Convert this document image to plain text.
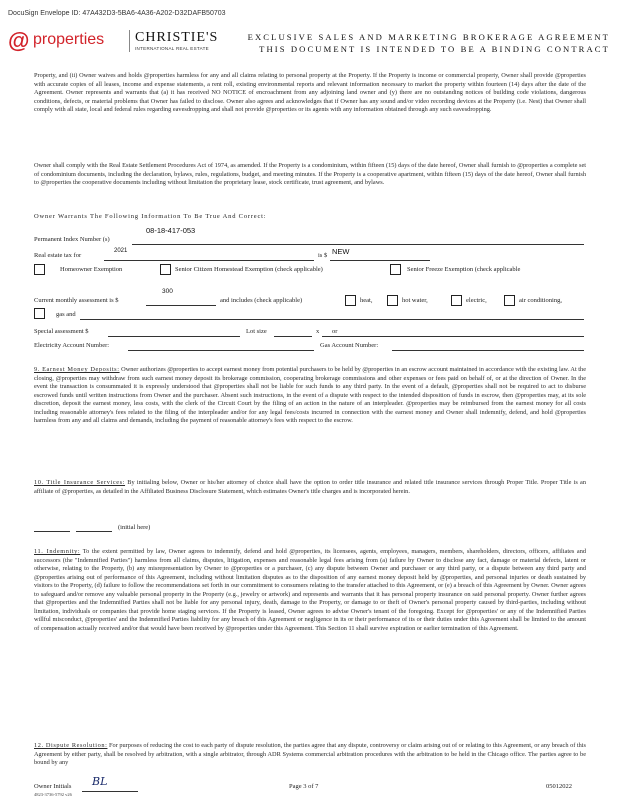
DocuSign Envelope ID: 47A432D3-5BA6-4A36-A202-D32DAFB50703
@ properties CHRISTIE'S
INTERNATIONAL REAL ESTATE
EXCLUSIVE SALES AND MARKETING BROKERAGE AGREEMENT
THIS DOCUMENT IS INTENDED TO BE A BINDING CONTRACT
Property, and (ii) Owner waives and holds @properties harmless for any and all claims relating to personal property at the Property. If the Property is income or commercial property, Owner shall provide @properties with accurate copies of all leases, income and expense statements, a rent roll, existing environmental reports and relevant information necessary to market the property within fourteen (14) days after the date of the Agreement. Owner represents and warrants that (a) it has received NO NOTICE of encroachment from any adjoining land owner and (y) there are no outstanding notices of building code violations, dangerous conditions, defects, or material problems that Owner has failed to disclose. Owner also agrees and acknowledges that if Owner has any sound and/or video recording devices at the Property (i.e. Nest) that Owner shall comply with all state, local and federal rules regarding eavesdropping and shall not provide @properties or its agents with any information obtained through any such eavesdropping.
Owner shall comply with the Real Estate Settlement Procedures Act of 1974, as amended. If the Property is a condominium, within fifteen (15) days of the date hereof, Owner shall furnish to @properties a complete set of condominium documents, including the declaration, bylaws, rules, regulations, budget, and meeting minutes. If the Property is a cooperative apartment, within fifteen (15) days of the date hereof, Owner shall furnish to @properties the cooperative documents including without limitation the proprietary lease, stock certificate, trust agreement, and bylaws.
Owner Warrants The Following Information To Be True And Correct:
08-18-417-053
Permanent Index Number (s)
Real estate tax for
2021
is $ NEW
Homeowner Exemption	Senior Citizen Homestead Exemption (check applicable)	Senior Freeze Exemption (check applicable
Current monthly assessment is $
300
and includes (check applicable)	heat,	hot water,	electric,	air conditioning,
gas and
Special assessment $	Lot size	x or
Electricity Account Number:	Gas Account Number:
9. Earnest Money Deposits: Owner authorizes @properties to accept earnest money from potential purchasers to be held by @properties in an escrow account maintained in accordance with the existing law. At the closing, @properties may withdraw from such earnest money deposit its brokerage commission, cooperating brokerage commissions and other expenses or fees paid on behalf of, or at the direction of Owner. In the event the transaction is consummated it is expressly understood that @properties shall not be liable for such funds to any third party. In the event of a default, @properties shall not be required to act to disburse escrowed funds until written instructions from Owner and the purchaser. Absent such instructions, in the event of a dispute with respect to the intended disposition of funds in escrow, then @properties may, at its sole discretion, deposit the earnest money, less costs, with the clerk of the Circuit Court by the filing of an action in the nature of an interpleader. @properties may be reimbursed from the earnest money for all costs including reasonable attorney's fees related to the filing of the interpleader and/or for any legal fees/costs incurred in connection with the earnest money and Owner shall indemnify, defend, and hold @properties harmless from any and all claims and demands, including the payment of reasonable attorney's fees with respect to the escrow.
10. Title Insurance Services: By initialing below, Owner or his/her attorney of choice shall have the option to order title insurance and related title insurance services through Proper Title. Proper Title is an affiliate of @properties, as detailed in the Affiliated Business Disclosure Statement, which estimates Owner's title charges and is incorporated herein.
(initial here)
11. Indemnity: To the extent permitted by law, Owner agrees to indemnify, defend and hold @properties, its licensees, agents, employees, managers, members, shareholders, directors, officers, affiliates and successors (the "Indemnified Parties") harmless from all claims, disputes, litigation, expenses and reasonable legal fees arising from (a) failure by Owner to disclose any fact, damage or material defects, latent or otherwise, relating to the Property, (b) any misrepresentation by Owner to @properties or a purchaser, (c) any dispute between Owner and purchaser or any third party, or a dispute between any third party and @properties arising out of performance of this Agreement, including without limitation disputes as to the disposition of any earnest money deposit held by @properties, and personal injuries or death sustained by visitors to the Property, (d) failure to follow the recommendations set forth in our commitment to consumers relating to the transfer attached to this Agreement, or (e) a breach of this Agreement by Owner. Owner agrees to safeguard and/or remove any valuable personal property in the Property (e.g., jewelry or artwork) and represents and warrants that it has personal property insurance on said personal property. Owner further agrees that @properties and the Indemnified Parties shall not be liable for any personal injury, death, damage to the Property, or damage to or theft of Owner's personal property caused by third-parties, including without limitation, individuals or companies that provide home staging services. If the Property is leased, Owner agrees to advise Owner's tenant of the foregoing. Except for @properties' or any of the Indemnified Parties willful misconduct, @properties' and the Indemnified Parties liability for any breach of this Agreement or negligence in its or their performance of its or their duties under this Agreement shall be limited to the amount of compensation actually received and/or that would have been received by @properties under this Agreement. This Section 11 shall survive expiration or earlier termination of this Agreement.
12. Dispute Resolution: For purposes of reducing the cost to each party of dispute resolution, the parties agree that any dispute, controversy or claim arising out of or relating to this Agreement, or any breach of this Agreement by either party, shall be resolved by arbitration, with a single arbitrator, through ADR Systems commercial arbitration procedures with the arbitration to be held in the Chicago office. The parties agree to be bound by any
Owner Initials BL	Page 3 of 7	05012022
4823-3736-5792 v26
